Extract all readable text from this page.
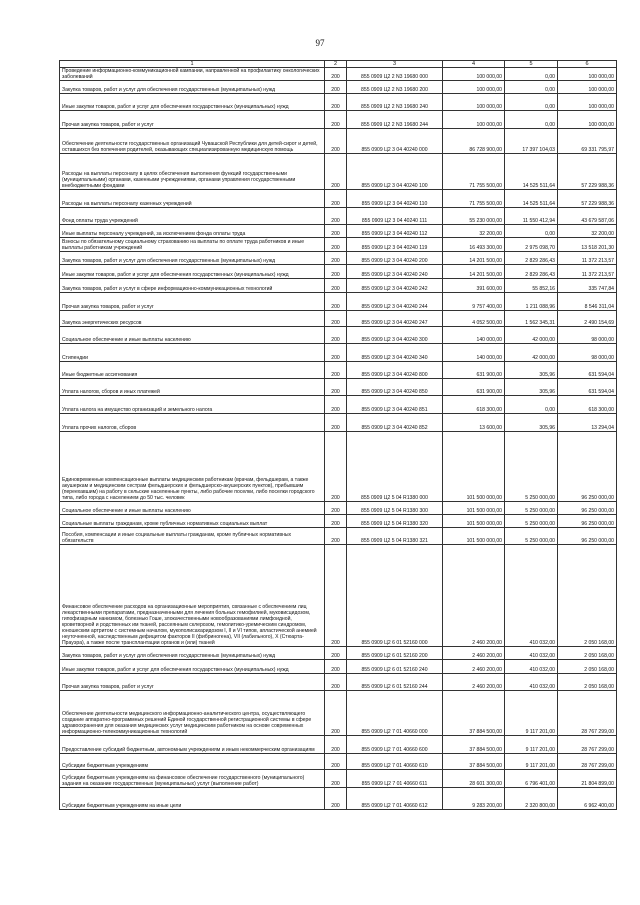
97
1	2	3	4	5	6
Проведение информационно-коммуникационной кампании, направленной на профилактику онкологических заболеваний	200	855 0909 Ц2 2 N3 19680 000	100 000,00	0,00	100 000,00
Закупка товаров, работ и услуг для обеспечения государственных (муниципальных) нужд	200	855 0909 Ц2 2 N3 19680 200	100 000,00	0,00	100 000,00
Иные закупки товаров, работ и услуг для обеспечения государственных (муниципальных) нужд	200	855 0909 Ц2 2 N3 19680 240	100 000,00	0,00	100 000,00
Прочая закупка товаров, работ и услуг	200	855 0909 Ц2 2 N3 19680 244	100 000,00	0,00	100 000,00
Обеспечение деятельности государственных организаций Чувашской Республики для детей-сирот и детей, оставшихся без попечения родителей, оказывающих специализированную медицинскую помощь	200	855 0909 Ц2 3 04 40240 000	86 728 900,00	17 397 104,03	69 331 795,97
Расходы на выплаты персоналу в целях обеспечения выполнения функций государственными (муниципальными) органами, казенными учреждениями, органами управления государственными внебюджетными фондами	200	855 0909 Ц2 3 04 40240 100	71 755 500,00	14 525 511,64	57 229 988,36
Расходы на выплаты персоналу казенных учреждений	200	855 0909 Ц2 3 04 40240 110	71 755 500,00	14 525 511,64	57 229 988,36
Фонд оплаты труда учреждений	200	855 0909 Ц2 3 04 40240 111	55 230 000,00	11 550 412,94	43 679 587,06
Иные выплаты персоналу учреждений, за исключением фонда оплаты труда	200	855 0909 Ц2 3 04 40240 112	32 200,00	0,00	32 200,00
Взносы по обязательному социальному страхованию на выплаты по оплате труда работников и иные выплаты работникам учреждений	200	855 0909 Ц2 3 04 40240 119	16 493 300,00	2 975 098,70	13 518 201,30
Закупка товаров, работ и услуг для обеспечения государственных (муниципальных) нужд	200	855 0909 Ц2 3 04 40240 200	14 201 500,00	2 829 286,43	11 372 213,57
Иные закупки товаров, работ и услуг для обеспечения государственных (муниципальных) нужд	200	855 0909 Ц2 3 04 40240 240	14 201 500,00	2 829 286,43	11 372 213,57
Закупка товаров, работ и услуг в сфере информационно-коммуникационных технологий	200	855 0909 Ц2 3 04 40240 242	391 600,00	55 852,16	335 747,84
Прочая закупка товаров, работ и услуг	200	855 0909 Ц2 3 04 40240 244	9 757 400,00	1 211 088,96	8 546 311,04
Закупка энергетических ресурсов	200	855 0909 Ц2 3 04 40240 247	4 052 500,00	1 562 345,31	2 490 154,69
Социальное обеспечение и иные выплаты населению	200	855 0909 Ц2 3 04 40240 300	140 000,00	42 000,00	98 000,00
Стипендии	200	855 0909 Ц2 3 04 40240 340	140 000,00	42 000,00	98 000,00
Иные бюджетные ассигнования	200	855 0909 Ц2 3 04 40240 800	631 900,00	305,96	631 594,04
Уплата налогов, сборов и иных платежей	200	855 0909 Ц2 3 04 40240 850	631 900,00	305,96	631 594,04
Уплата налога на имущество организаций и земельного налога	200	855 0909 Ц2 3 04 40240 851	618 300,00	0,00	618 300,00
Уплата прочих налогов, сборов	200	855 0909 Ц2 3 04 40240 852	13 600,00	305,96	13 294,04
Единовременные компенсационные выплаты медицинским работникам (врачам, фельдшерам, а также акушеркам и медицинским сестрам фельдшерских и фельдшерско-акушерских пунктов), прибывшим (переехавшим) на работу в сельские населенные пункты, либо рабочие поселки, либо поселки городского типа, либо города с населением до 50 тыс. человек	200	855 0909 Ц2 5 04 R1380 000	101 500 000,00	5 250 000,00	96 250 000,00
Социальное обеспечение и иные выплаты населению	200	855 0909 Ц2 5 04 R1380 300	101 500 000,00	5 250 000,00	96 250 000,00
Социальные выплаты гражданам, кроме публичных нормативных социальных выплат	200	855 0909 Ц2 5 04 R1380 320	101 500 000,00	5 250 000,00	96 250 000,00
Пособия, компенсации и иные социальные выплаты гражданам, кроме публичных нормативных обязательств	200	855 0909 Ц2 5 04 R1380 321	101 500 000,00	5 250 000,00	96 250 000,00
Финансовое обеспечение расходов на организационные мероприятия, связанные с обеспечением лиц лекарственными препаратами, предназначенными для лечения больных гемофилией, муковисцидозом, гипофизарным нанизмом, болезнью Гоше, злокачественными новообразованиями лимфоидной, кроветворной и родственных им тканей, рассеянным склерозом, гемолитико-уремическим синдромом, юношеским артритом с системным началом, мукополисахаридозом I, II и VI типов, апластической анемией неуточненной, наследственным дефицитом факторов II (фибриногена), VII (лабильного), X (Стюарта-Прауэра), а также после трансплантации органов и (или) тканей	200	855 0909 Ц2 6 01 52160 000	2 460 200,00	410 032,00	2 050 168,00
Закупка товаров, работ и услуг для обеспечения государственных (муниципальных) нужд	200	855 0909 Ц2 6 01 52160 200	2 460 200,00	410 032,00	2 050 168,00
Иные закупки товаров, работ и услуг для обеспечения государственных (муниципальных) нужд	200	855 0909 Ц2 6 01 52160 240	2 460 200,00	410 032,00	2 050 168,00
Прочая закупка товаров, работ и услуг	200	855 0909 Ц2 6 01 52160 244	2 460 200,00	410 032,00	2 050 168,00
Обеспечение деятельности медицинского информационно-аналитического центра, осуществляющего создание аппаратно-программных решений Единой государственной регистрационной системы в сфере здравоохранения для оказания медицинских услуг медицинским работником на основе современных информационно-телекоммуникационных технологий	200	855 0909 Ц2 7 01 40660 000	37 884 500,00	9 117 201,00	28 767 299,00
Предоставление субсидий бюджетным, автономным учреждениям и иным некоммерческим организациям	200	855 0909 Ц2 7 01 40660 600	37 884 500,00	9 117 201,00	28 767 299,00
Субсидии бюджетным учреждениям	200	855 0909 Ц2 7 01 40660 610	37 884 500,00	9 117 201,00	28 767 299,00
Субсидии бюджетным учреждениям на финансовое обеспечение государственного (муниципального) задания на оказание государственных (муниципальных) услуг (выполнение работ)	200	855 0909 Ц2 7 01 40660 611	28 601 300,00	6 796 401,00	21 804 899,00
Субсидии бюджетным учреждениям на иные цели	200	855 0909 Ц2 7 01 40660 612	9 283 200,00	2 320 800,00	6 962 400,00
